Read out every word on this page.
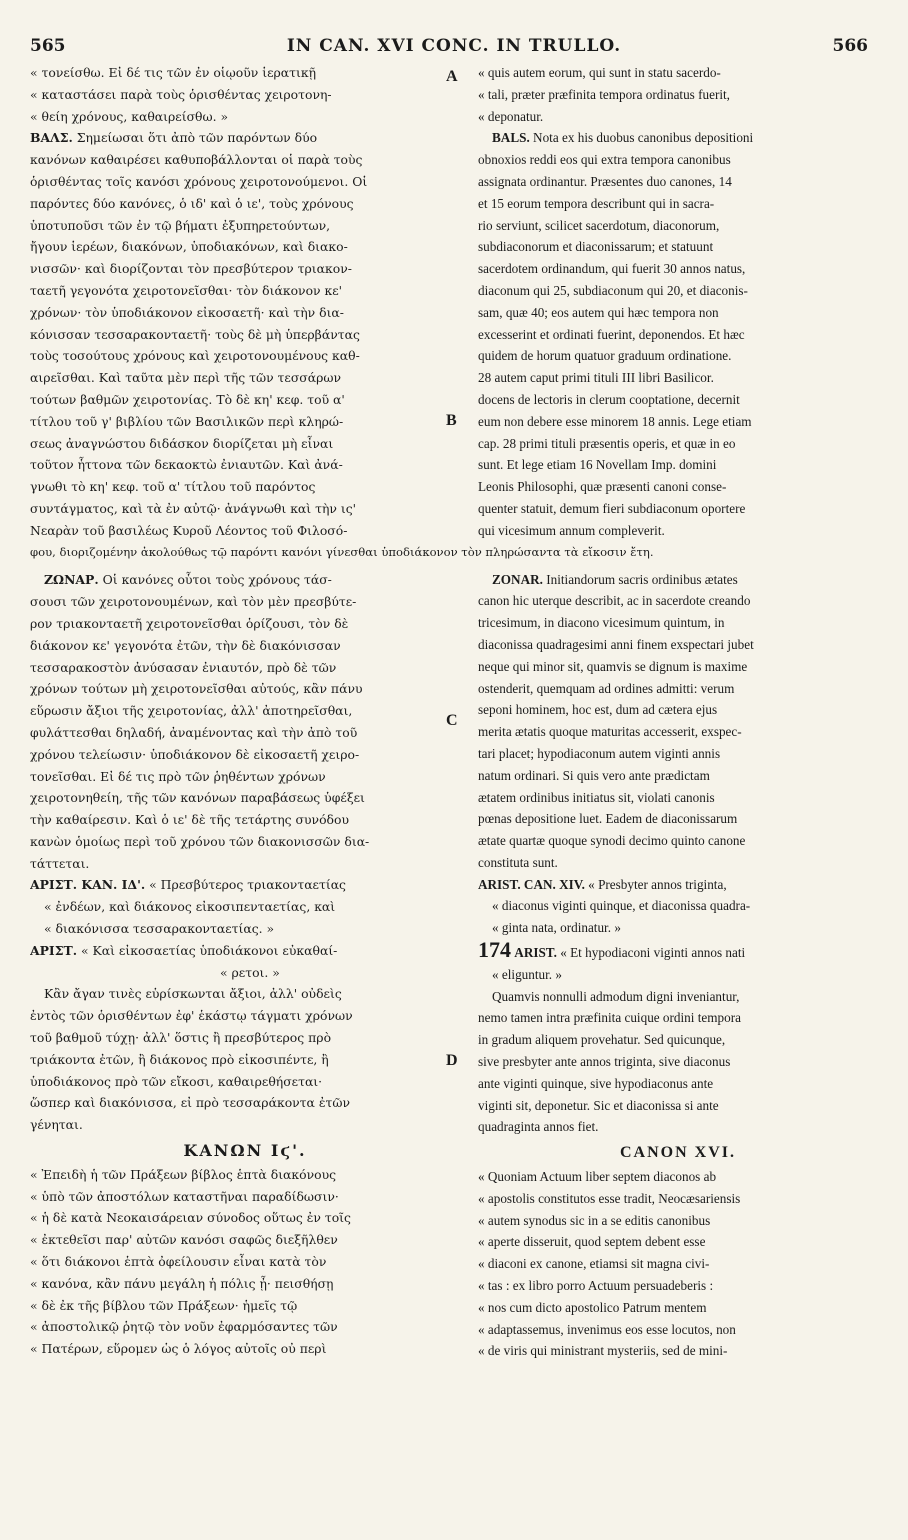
565	IN CAN. XVI CONC. IN TRULLO.	566
A
B
C
D
« τονείσθω. Εἰ δέ τις τῶν ἐν οἱῳοῦν ἱερατικῇ
« καταστάσει παρὰ τοὺς ὁρισθέντας χειροτονη-
« θείη χρόνους, καθαιρείσθω. »
ΒΑΛΣ. Σημείωσαι ὅτι ἀπὸ τῶν παρόντων δύο
κανόνων καθαιρέσει καθυποβάλλονται οἱ παρὰ τοὺς
ὁρισθέντας τοῖς κανόσι χρόνους χειροτονούμενοι. Οἱ
παρόντες δύο κανόνες, ὁ ιδ' καὶ ὁ ιε', τοὺς χρόνους
ὑποτυποῦσι τῶν ἐν τῷ βήματι ἐξυπηρετούντων,
ἤγουν ἱερέων, διακόνων, ὑποδιακόνων, καὶ διακο-
νισσῶν· καὶ διορίζονται τὸν πρεσβύτερον τριακον-
ταετῆ γεγονότα χειροτονεῖσθαι· τὸν διάκονον κε'
χρόνων· τὸν ὑποδιάκονον εἰκοσαετῆ· καὶ τὴν δια-
κόνισσαν τεσσαρακονταετῆ· τοὺς δὲ μὴ ὑπερβάντας
τοὺς τοσούτους χρόνους καὶ χειροτονουμένους καθ-
αιρεῖσθαι. Καὶ ταῦτα μὲν περὶ τῆς τῶν τεσσάρων
τούτων βαθμῶν χειροτονίας. Τὸ δὲ κη' κεφ. τοῦ α'
τίτλου τοῦ γ' βιβλίου τῶν Βασιλικῶν περὶ κληρώ-
σεως ἀναγνώστου διδάσκον διορίζεται μὴ εἶναι
τοῦτον ἧττονα τῶν δεκαοκτὼ ἐνιαυτῶν. Καὶ ἀνά-
γνωθι τὸ κη' κεφ. τοῦ α' τίτλου τοῦ παρόντος
συντάγματος, καὶ τὰ ἐν αὐτῷ· ἀνάγνωθι καὶ τὴν ις'
Νεαρὰν τοῦ βασιλέως Κυροῦ Λέοντος τοῦ Φιλοσό-
φου, διοριζομένην ἀκολούθως τῷ παρόντι κανόνι γίνεσθαι ὑποδιάκονον τὸν πληρώσαντα τὰ εἴκοσιν ἔτη.
ΖΩΝΑΡ. Οἱ κανόνες οὗτοι τοὺς χρόνους τάσ-
σουσι τῶν χειροτονουμένων, καὶ τὸν μὲν πρεσβύτε-
ρον τριακονταετῆ χειροτονεῖσθαι ὁρίζουσι, τὸν δὲ
διάκονον κε' γεγονότα ἐτῶν, τὴν δὲ διακόνισσαν
τεσσαρακοστὸν ἀνύσασαν ἐνιαυτόν, πρὸ δὲ τῶν
χρόνων τούτων μὴ χειροτονεῖσθαι αὐτούς, κἂν πάνυ
εὕρωσιν ἄξιοι τῆς χειροτονίας, ἀλλ' ἀποτηρεῖσθαι,
φυλάττεσθαι δηλαδή, ἀναμένοντας καὶ τὴν ἀπὸ τοῦ
χρόνου τελείωσιν· ὑποδιάκονον δὲ εἰκοσαετῆ χειρο-
τονεῖσθαι. Εἰ δέ τις πρὸ τῶν ῥηθέντων χρόνων
χειροτονηθείη, τῆς τῶν κανόνων παραβάσεως ὑφέξει
τὴν καθαίρεσιν. Καὶ ὁ ιε' δὲ τῆς τετάρτης συνόδου
κανὼν ὁμοίως περὶ τοῦ χρόνου τῶν διακονισσῶν δια-
τάττεται.
ΑΡΙΣΤ. ΚΑΝ. ΙΔ'. « Πρεσβύτερος τριακονταετίας
« ἐνδέων, καὶ διάκονος εἰκοσιπενταετίας, καὶ
« διακόνισσα τεσσαρακονταετίας. »
ΑΡΙΣΤ. « Καὶ εἰκοσαετίας ὑποδιάκονοι εὐκαθαί-
« ρετοι. »
Κἂν ἄγαν τινὲς εὑρίσκωνται ἄξιοι, ἀλλ' οὐδεὶς
ἐντὸς τῶν ὁρισθέντων ἐφ' ἑκάστῳ τάγματι χρόνων
τοῦ βαθμοῦ τύχῃ· ἀλλ' ὅστις ἢ πρεσβύτερος πρὸ
τριάκοντα ἐτῶν, ἢ διάκονος πρὸ εἰκοσιπέντε, ἢ
ὑποδιάκονος πρὸ τῶν εἴκοσι, καθαιρεθήσεται·
ὥσπερ καὶ διακόνισσα, εἰ πρὸ τεσσαράκοντα ἐτῶν
γένηται.
ΚΑΝΩΝ Ιϛ'.
« Ἐπειδὴ ἡ τῶν Πράξεων βίβλος ἑπτὰ διακόνους
« ὑπὸ τῶν ἀποστόλων καταστῆναι παραδίδωσιν·
« ἡ δὲ κατὰ Νεοκαισάρειαν σύνοδος οὕτως ἐν τοῖς
« ἐκτεθεῖσι παρ' αὐτῶν κανόσι σαφῶς διεξῆλθεν
« ὅτι διάκονοι ἑπτὰ ὀφείλουσιν εἶναι κατὰ τὸν
« κανόνα, κἂν πάνυ μεγάλη ἡ πόλις ᾖ· πεισθήσῃ
« δὲ ἐκ τῆς βίβλου τῶν Πράξεων· ἡμεῖς τῷ
« ἀποστολικῷ ῥητῷ τὸν νοῦν ἐφαρμόσαντες τῶν
« Πατέρων, εὕρομεν ὡς ὁ λόγος αὐτοῖς οὐ περὶ
« quis autem eorum, qui sunt in statu sacerdo-
« tali, præter præfinita tempora ordinatus fuerit,
« deponatur.
BALS. Nota ex his duobus canonibus depositioni
obnoxios reddi eos qui extra tempora canonibus
assignata ordinantur. Præsentes duo canones, 14
et 15 eorum tempora describunt qui in sacra-
rio serviunt, scilicet sacerdotum, diaconorum,
subdiaconorum et diaconissarum; et statuunt
sacerdotem ordinandum, qui fuerit 30 annos natus,
diaconum qui 25, subdiaconum qui 20, et diaconis-
sam, quæ 40; eos autem qui hæc tempora non
excesserint et ordinati fuerint, deponendos. Et hæc
quidem de horum quatuor graduum ordinatione.
28 autem caput primi tituli III libri Basilicor.
docens de lectoris in clerum cooptatione, decernit
eum non debere esse minorem 18 annis. Lege etiam
cap. 28 primi tituli præsentis operis, et quæ in eo
sunt. Et lege etiam 16 Novellam Imp. domini
Leonis Philosophi, quæ præsenti canoni conse-
quenter statuit, demum fieri subdiaconum oportere
qui vicesimum annum compleverit.
ZONAR. Initiandorum sacris ordinibus ætates
canon hic uterque describit, ac in sacerdote creando
tricesimum, in diacono vicesimum quintum, in
diaconissa quadragesimi anni finem exspectari jubet
neque qui minor sit, quamvis se dignum is maxime
ostenderit, quemquam ad ordines admitti: verum
seponi hominem, hoc est, dum ad cætera ejus
merita ætatis quoque maturitas accesserit, exspec-
tari placet; hypodiaconum autem viginti annis
natum ordinari. Si quis vero ante prædictam
ætatem ordinibus initiatus sit, violati canonis
pœnas depositione luet. Eadem de diaconissarum
ætate quartæ quoque synodi decimo quinto canone
constituta sunt.
ARIST. CAN. XIV. « Presbyter annos triginta,
« diaconus viginti quinque, et diaconissa quadra-
« ginta nata, ordinatur. »
174 ARIST. « Et hypodiaconi viginti annos nati
« eliguntur. »
Quamvis nonnulli admodum digni inveniantur,
nemo tamen intra præfinita cuique ordini tempora
in gradum aliquem provehatur. Sed quicunque,
sive presbyter ante annos triginta, sive diaconus
ante viginti quinque, sive hypodiaconus ante
viginti sit, deponetur. Sic et diaconissa si ante
quadraginta annos fiet.
CANON XVI.
« Quoniam Actuum liber septem diaconos ab
« apostolis constitutos esse tradit, Neocæsariensis
« autem synodus sic in a se editis canonibus
« aperte disseruit, quod septem debent esse
« diaconi ex canone, etiamsi sit magna civi-
« tas : ex libro porro Actuum persuadeberis :
« nos cum dicto apostolico Patrum mentem
« adaptassemus, invenimus eos esse locutos, non
« de viris qui ministrant mysteriis, sed de mini-
